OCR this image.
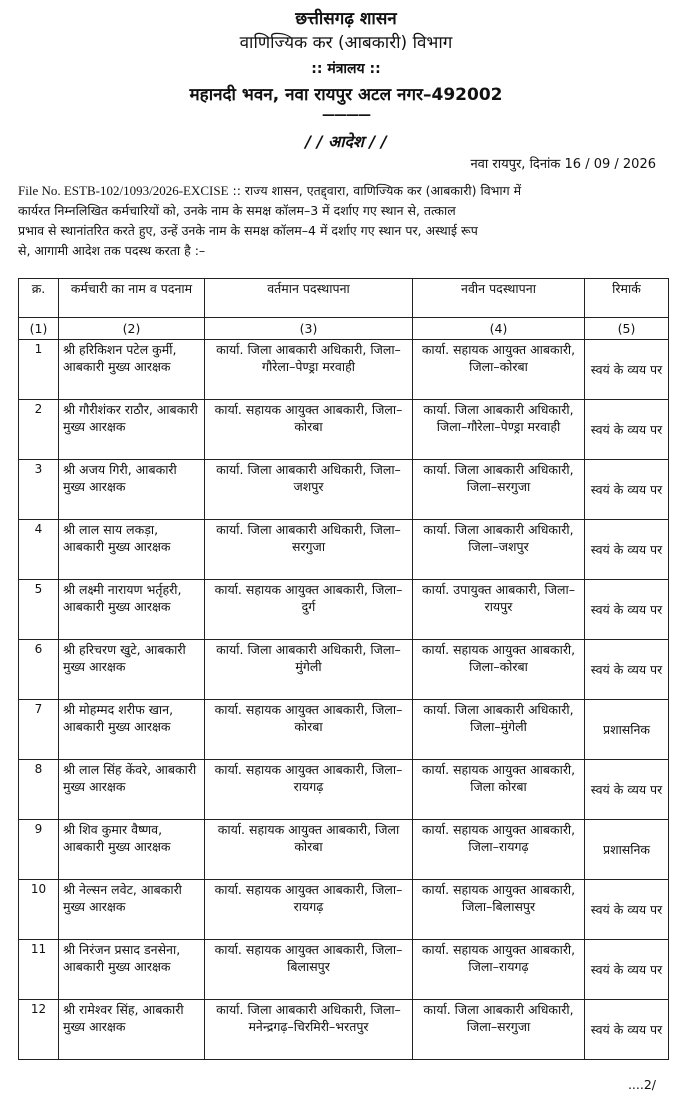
छत्तीसगढ़ शासन
वाणिज्यिक कर (आबकारी) विभाग
:: मंत्रालय ::
महानदी भवन, नवा रायपुर अटल नगर–492002
————
/ / आदेश / /
नवा रायपुर, दिनांक 16 / 09 / 2026
File No. ESTB-102/1093/2026-EXCISE :: राज्य शासन, एतद्द्वारा, वाणिज्यिक कर (आबकारी) विभाग में
कार्यरत निम्नलिखित कर्मचारियों को, उनके नाम के समक्ष कॉलम–3 में दर्शाए गए स्थान से, तत्काल
प्रभाव से स्थानांतरित करते हुए, उन्हें उनके नाम के समक्ष कॉलम–4 में दर्शाए गए स्थान पर, अस्थाई रूप
से, आगामी आदेश तक पदस्थ करता है :–
क्र.	कर्मचारी का नाम व पदनाम	वर्तमान पदस्थापना	नवीन पदस्थापना	रिमार्क
(1)	(2)	(3)	(4)	(5)
1	श्री हरिकिशन पटेल कुर्मी, आबकारी मुख्य आरक्षक	कार्या. जिला आबकारी अधिकारी, जिला–गौरेला–पेण्ड्रा मरवाही	कार्या. सहायक आयुक्त आबकारी, जिला–कोरबा	स्वयं के व्यय पर
2	श्री गौरीशंकर राठौर, आबकारी मुख्य आरक्षक	कार्या. सहायक आयुक्त आबकारी, जिला–कोरबा	कार्या. जिला आबकारी अधिकारी, जिला–गौरेला–पेण्ड्रा मरवाही	स्वयं के व्यय पर
3	श्री अजय गिरी, आबकारी मुख्य आरक्षक	कार्या. जिला आबकारी अधिकारी, जिला–जशपुर	कार्या. जिला आबकारी अधिकारी, जिला–सरगुजा	स्वयं के व्यय पर
4	श्री लाल साय लकड़ा, आबकारी मुख्य आरक्षक	कार्या. जिला आबकारी अधिकारी, जिला–सरगुजा	कार्या. जिला आबकारी अधिकारी, जिला–जशपुर	स्वयं के व्यय पर
5	श्री लक्ष्मी नारायण भर्तृहरी, आबकारी मुख्य आरक्षक	कार्या. सहायक आयुक्त आबकारी, जिला–दुर्ग	कार्या. उपायुक्त आबकारी, जिला–रायपुर	स्वयं के व्यय पर
6	श्री हरिचरण खुटे, आबकारी मुख्य आरक्षक	कार्या. जिला आबकारी अधिकारी, जिला–मुंगेली	कार्या. सहायक आयुक्त आबकारी, जिला–कोरबा	स्वयं के व्यय पर
7	श्री मोहम्मद शरीफ खान, आबकारी मुख्य आरक्षक	कार्या. सहायक आयुक्त आबकारी, जिला–कोरबा	कार्या. जिला आबकारी अधिकारी, जिला–मुंगेली	प्रशासनिक
8	श्री लाल सिंह केंवरे, आबकारी मुख्य आरक्षक	कार्या. सहायक आयुक्त आबकारी, जिला–रायगढ़	कार्या. सहायक आयुक्त आबकारी, जिला कोरबा	स्वयं के व्यय पर
9	श्री शिव कुमार वैष्णव, आबकारी मुख्य आरक्षक	कार्या. सहायक आयुक्त आबकारी, जिला कोरबा	कार्या. सहायक आयुक्त आबकारी, जिला–रायगढ़	प्रशासनिक
10	श्री नेल्सन लवेट, आबकारी मुख्य आरक्षक	कार्या. सहायक आयुक्त आबकारी, जिला–रायगढ़	कार्या. सहायक आयुक्त आबकारी, जिला–बिलासपुर	स्वयं के व्यय पर
11	श्री निरंजन प्रसाद डनसेना, आबकारी मुख्य आरक्षक	कार्या. सहायक आयुक्त आबकारी, जिला–बिलासपुर	कार्या. सहायक आयुक्त आबकारी, जिला–रायगढ़	स्वयं के व्यय पर
12	श्री रामेश्वर सिंह, आबकारी मुख्य आरक्षक	कार्या. जिला आबकारी अधिकारी, जिला–मनेन्द्रगढ़–चिरमिरी–भरतपुर	कार्या. जिला आबकारी अधिकारी, जिला–सरगुजा	स्वयं के व्यय पर
....2/
